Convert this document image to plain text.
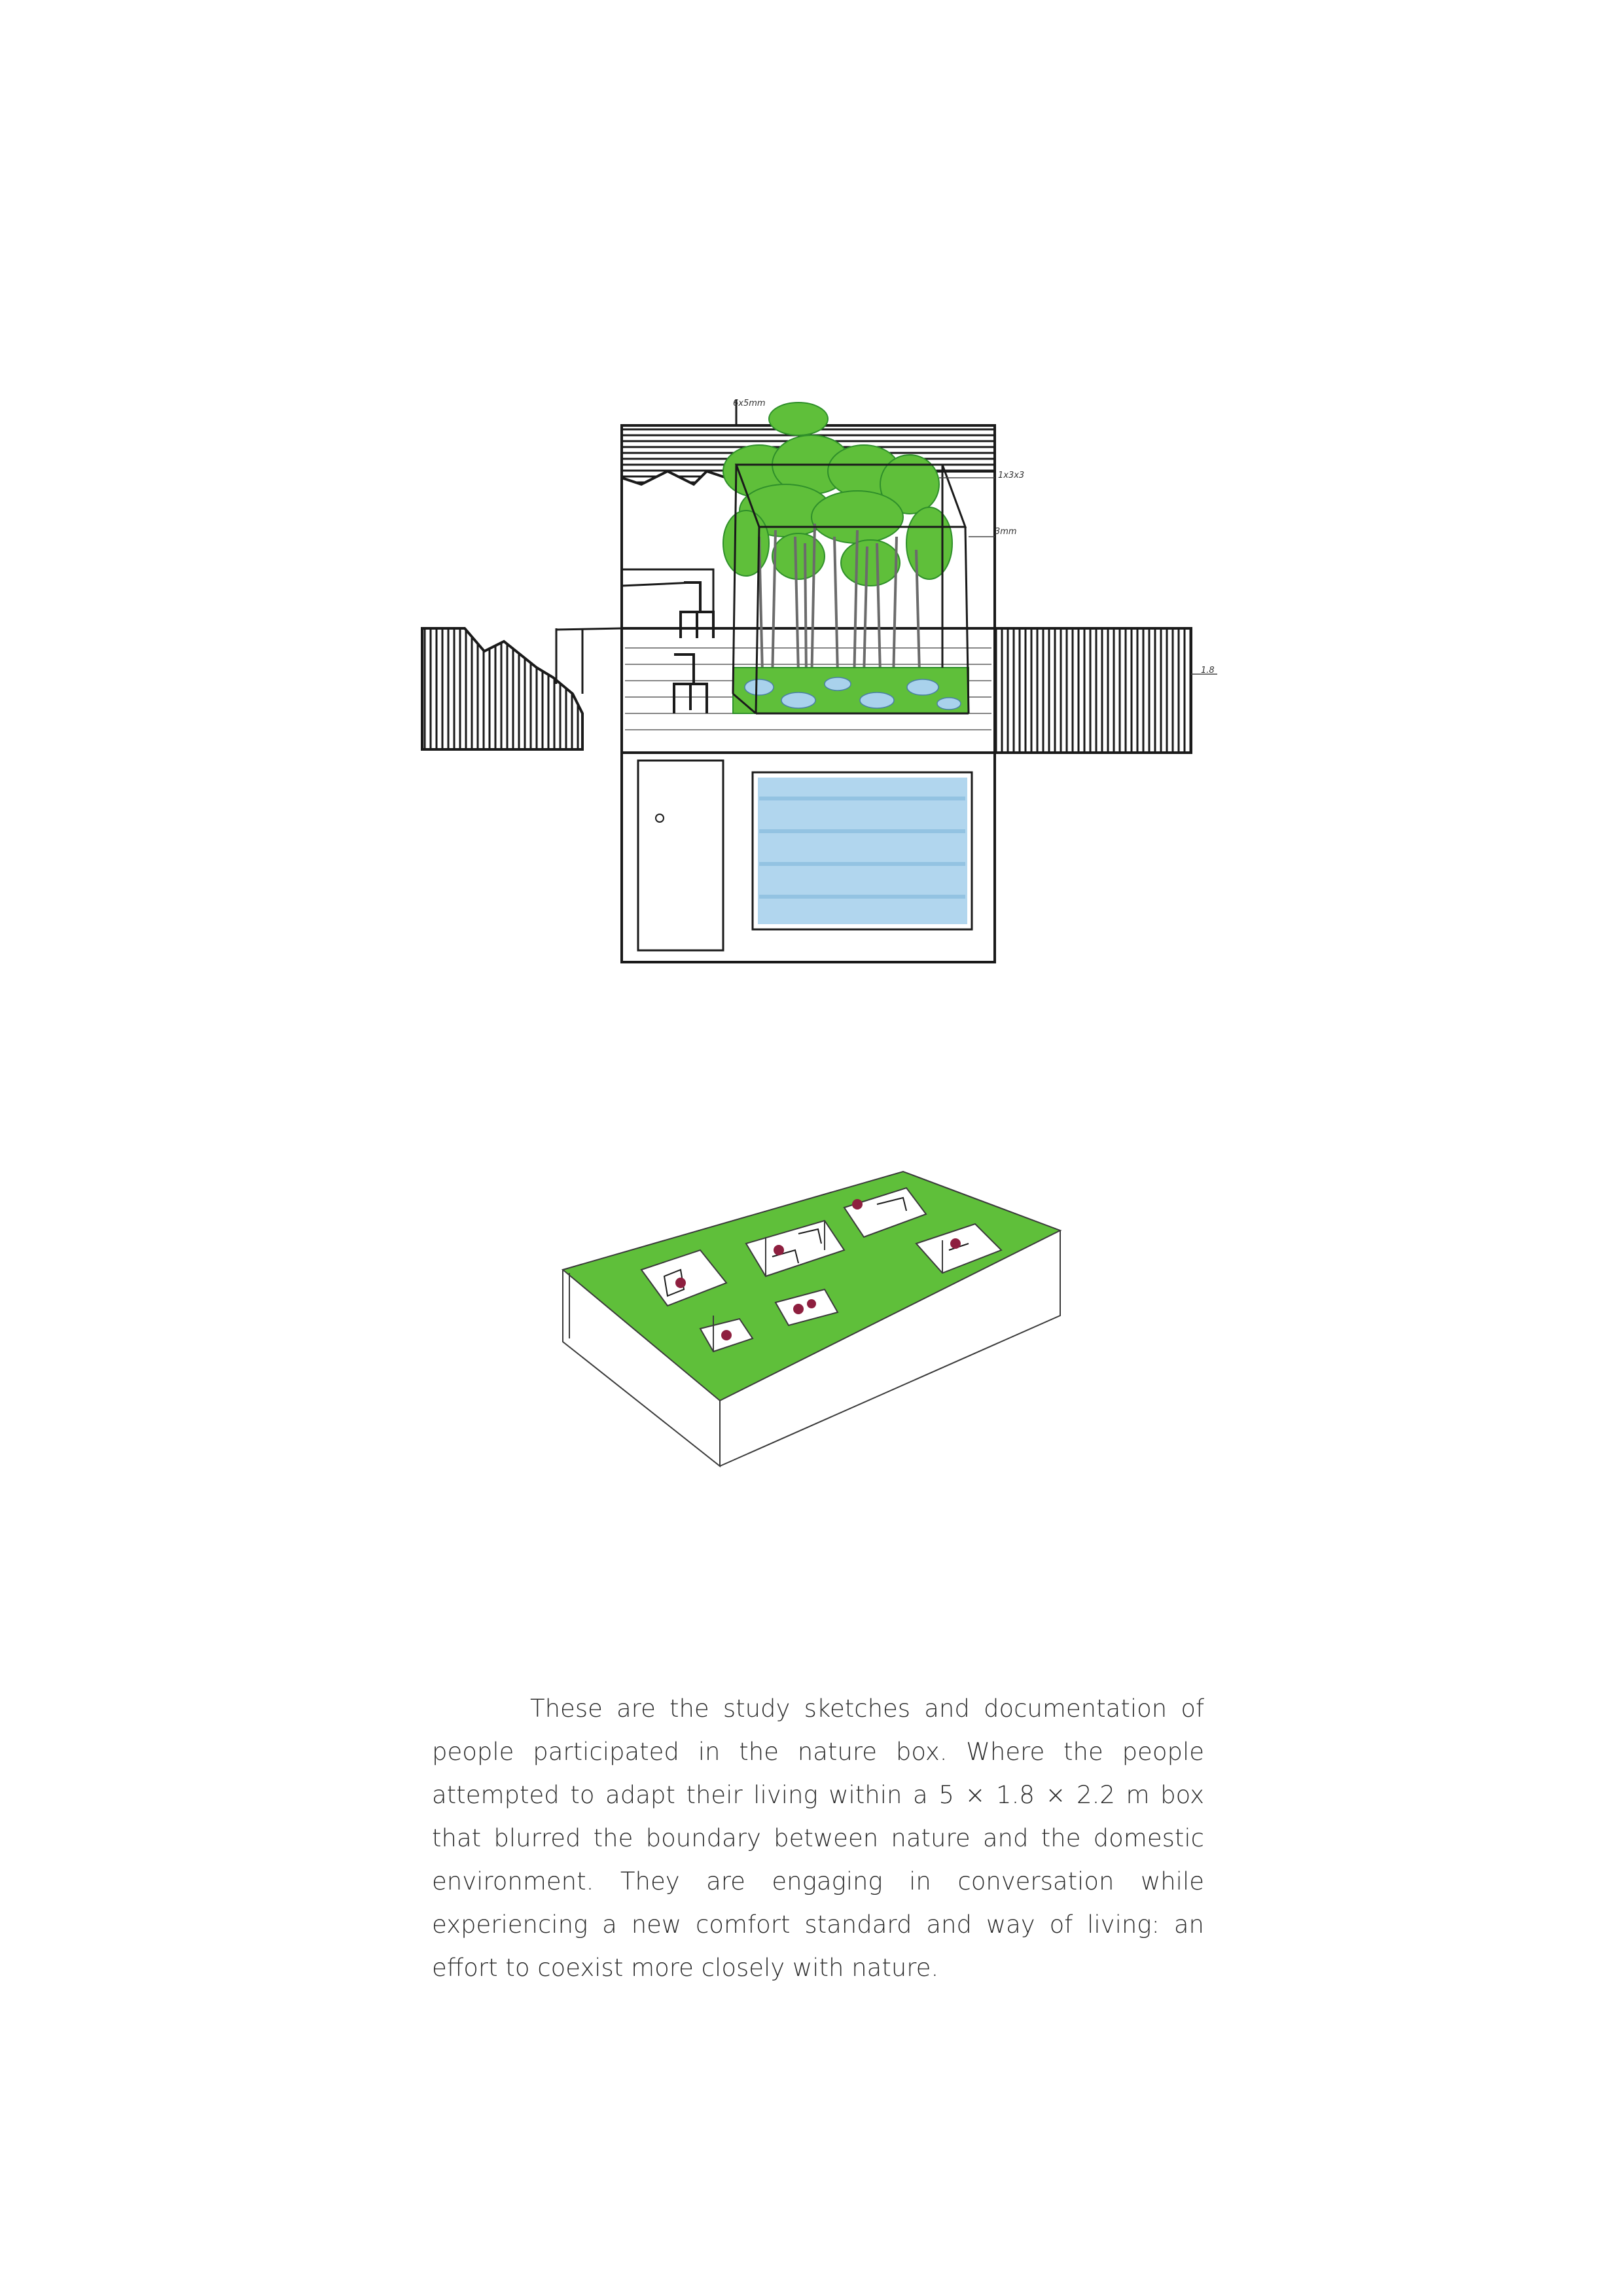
6x5mm
1x3x3
3mm
1.8

These are the study sketches and documentation of people participated in the nature box. Where the people attempted to adapt their living within a 5 × 1.8 × 2.2 m box that blurred the boundary between nature and the domestic environment. They are engaging in conversation while experiencing a new comfort standard and way of living: an effort to coexist more closely with nature.
